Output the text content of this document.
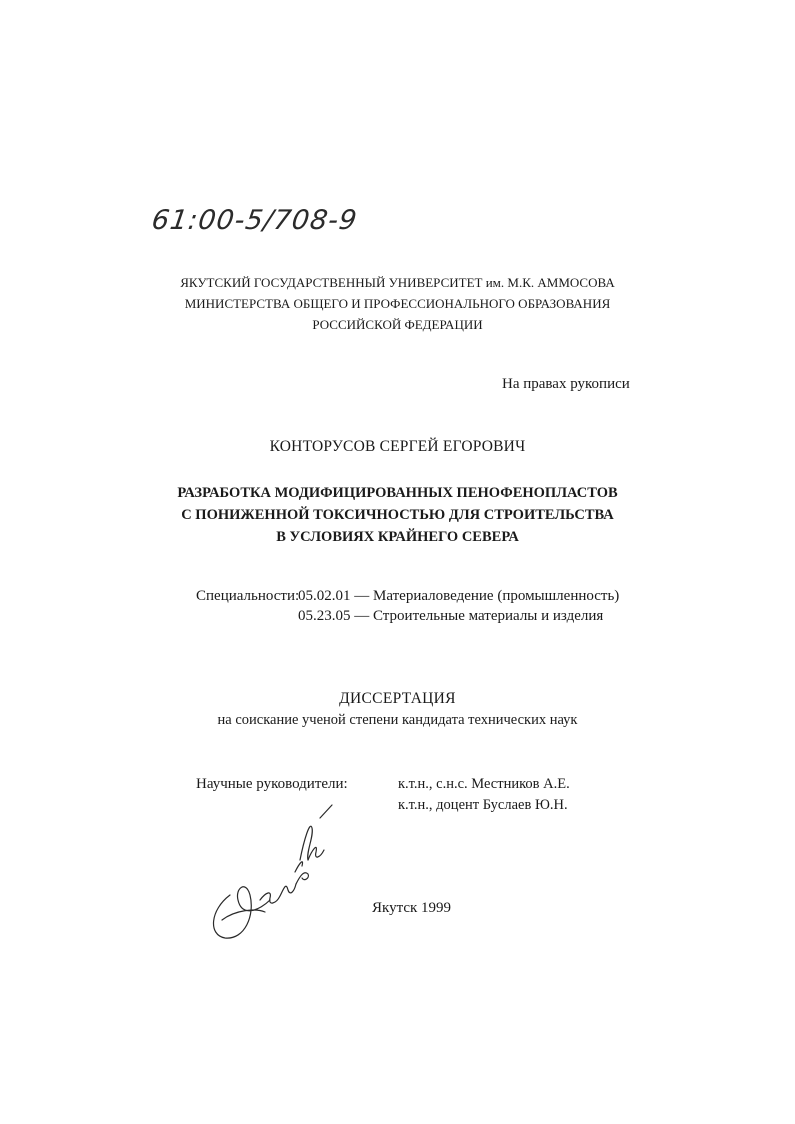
61:00-5/708-9
ЯКУТСКИЙ ГОСУДАРСТВЕННЫЙ УНИВЕРСИТЕТ им. М.К. АММОСОВА
МИНИСТЕРСТВА ОБЩЕГО И ПРОФЕССИОНАЛЬНОГО ОБРАЗОВАНИЯ
РОССИЙСКОЙ ФЕДЕРАЦИИ
На правах рукописи
КОНТОРУСОВ СЕРГЕЙ ЕГОРОВИЧ
РАЗРАБОТКА МОДИФИЦИРОВАННЫХ ПЕНОФЕНОПЛАСТОВ
С ПОНИЖЕННОЙ ТОКСИЧНОСТЬЮ ДЛЯ СТРОИТЕЛЬСТВА
В УСЛОВИЯХ КРАЙНЕГО СЕВЕРА
Специальности:
05.02.01 — Материаловедение (промышленность)
05.23.05 — Строительные материалы и изделия
ДИССЕРТАЦИЯ
на соискание ученой степени кандидата технических наук
Научные руководители:	к.т.н., с.н.с. Местников А.Е.
к.т.н., доцент Буслаев Ю.Н.
Якутск 1999
